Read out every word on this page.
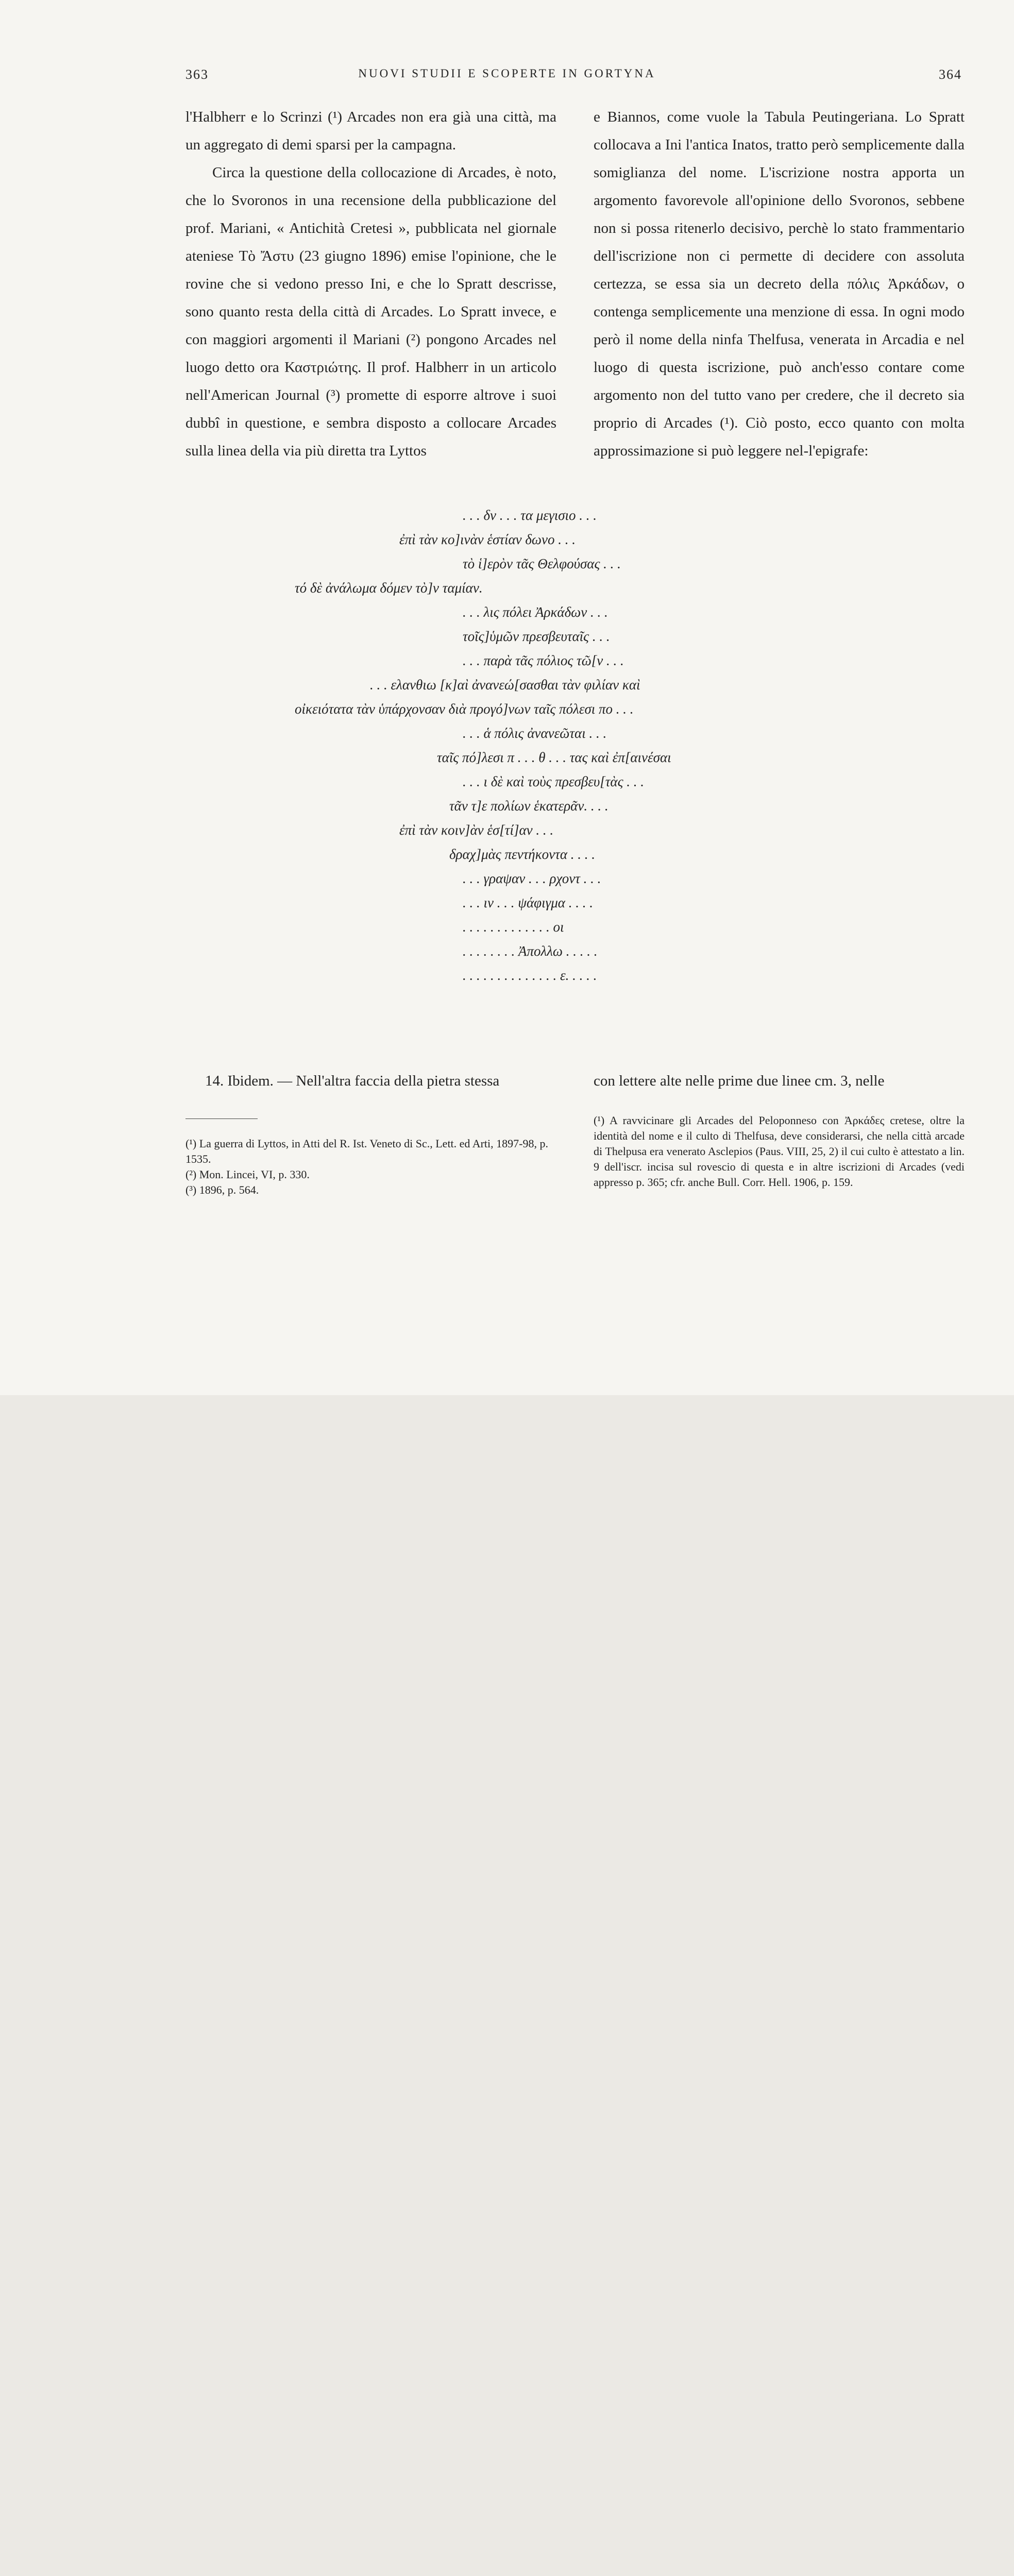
363	NUOVI STUDII E SCOPERTE IN GORTYNA	364

l'Halbherr e lo Scrinzi (¹) Arcades non era già una città, ma un aggregato di demi sparsi per la campagna.

Circa la questione della collocazione di Arcades, è noto, che lo Svoronos in una recensione della pubblicazione del prof. Mariani, « Antichità Cretesi », pubblicata nel giornale ateniese Τὸ Ἄστυ (23 giugno 1896) emise l'opinione, che le rovine che si vedono presso Ini, e che lo Spratt descrisse, sono quanto resta della città di Arcades. Lo Spratt invece, e con maggiori argomenti il Mariani (²) pongono Arcades nel luogo detto ora Καστριώτης. Il prof. Halbherr in un articolo nell'American Journal (³) promette di esporre altrove i suoi dubbî in questione, e sembra disposto a collocare Arcades sulla linea della via più diretta tra Lyttos

e Biannos, come vuole la Tabula Peutingeriana. Lo Spratt collocava a Ini l'antica Inatos, tratto però semplicemente dalla somiglianza del nome. L'iscrizione nostra apporta un argomento favorevole all'opinione dello Svoronos, sebbene non si possa ritenerlo decisivo, perchè lo stato frammentario dell'iscrizione non ci permette di decidere con assoluta certezza, se essa sia un decreto della πόλις Ἀρκάδων, o contenga semplicemente una menzione di essa. In ogni modo però il nome della ninfa Thelfusa, venerata in Arcadia e nel luogo di questa iscrizione, può anch'esso contare come argomento non del tutto vano per credere, che il decreto sia proprio di Arcades (¹). Ciò posto, ecco quanto con molta approssimazione si può leggere nel-l'epigrafe:

. . . δν . . . τα μεγισιο . . .
ἐπὶ τὰν κο]ινὰν ἑστίαν δωνο . . .
τὸ ἱ]ερὸν τᾶς Θελφούσας . . .
τό δὲ ἀνάλωμα δόμεν τὸ]ν ταμίαν.
. . . λις πόλει Ἀρκάδων . . .
τοῖς]ὑμῶν πρεσβευταῖς . . .
. . . παρὰ τᾶς πόλιος τῶ[ν . . .
. . . ελανθιω [κ]αὶ ἀνανεώ[σασθαι τὰν φιλίαν καὶ
οἰκειότατα τὰν ὑπάρχονσαν διὰ προγό]νων ταῖς πόλεσι πο . . .
. . . ἁ πόλις ἀνανεῶται . . .
ταῖς πό]λεσι π . . . θ . . . τας καὶ ἐπ[αινέσαι
. . . ι δὲ καὶ τοὺς πρεσβευ[τὰς . . .
τᾶν τ]ε πολίων ἑκατερᾶν. . . .
ἐπὶ τὰν κοιν]ὰν ἑσ[τί]αν . . .
δραχ]μὰς πεντήκοντα . . . .
. . . γραψαν . . . ρχοντ . . .
. . . ιν . . . ψάφιγμα . . . .
. . . . . . . . . . . . . οι
. . . . . . . . Ἀπολλω . . . . .
. . . . . . . . . . . . . . ε. . . . .
14. Ibidem. — Nell'altra faccia della pietra stessa	con lettere alte nelle prime due linee cm. 3, nelle

(¹) La guerra di Lyttos, in Atti del R. Ist. Veneto di Sc., Lett. ed Arti, 1897-98, p. 1535.

(²) Mon. Lincei, VI, p. 330.

(³) 1896, p. 564.

(¹) A ravvicinare gli Arcades del Peloponneso con Ἀρκάδες cretese, oltre la identità del nome e il culto di Thelfusa, deve considerarsi, che nella città arcade di Thelpusa era venerato Asclepios (Paus. VIII, 25, 2) il cui culto è attestato a lin. 9 dell'iscr. incisa sul rovescio di questa e in altre iscrizioni di Arcades (vedi appresso p. 365; cfr. anche Bull. Corr. Hell. 1906, p. 159.
